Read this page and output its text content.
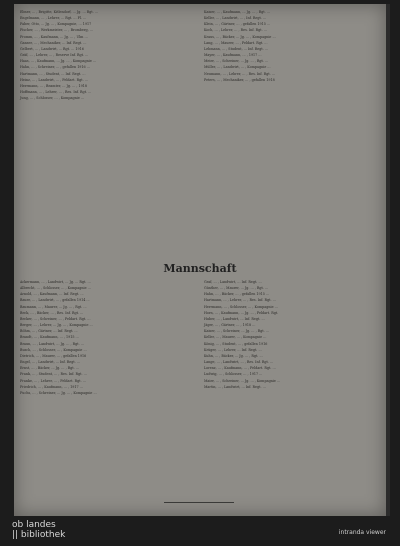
Ebner, ... , Brigitte, Kitlendorf, ... Jg. ... Rgt. ...
Engelmann, ... , Lehrer, ... Rgt. ... Pl. ...
Faber, Otto, ... Jg. ... , Kompagnie, ... 1917
Fischer, ... , Werkmeister, ... , Bromberg, ...
Fromm, ... , Kaufmann, ... Jg. ... , Ulm ...
Ganser, ... , Mechaniker, ... Inf. Regt. ...
Gelbert, ... , Landwirt, ... Rgt. ... 1916
Gräf, ... , Lehrer, ... , Reserve Inf. Rgt. ...
Haas, ... , Kaufmann, ... Jg. ... , Kompagnie ...
Hahn, ... , Schreiner, ... , gefallen 1916 ...
Hartmann, ... , Student, ... Inf. Regt. ...
Heinz, ... , Landwirt, ... , Feldart. Rgt. ...
Herrmann, ... , Beamter, ... Jg. ... , 1918
Hoffmann, ... , Lehrer, ... , Res. Inf. Rgt. ...
Jung, ... , Schlosser, ... , Kompagnie ...
Kaiser, ... , Kaufmann, ... Jg. ... , Rgt. ...
Keller, ... , Landwirt, ... , Inf. Regt. ...
Klein, ... , Gärtner, ... , gefallen 1915 ...
Koch, ... , Lehrer, ... , Res. Inf. Rgt. ...
Kraus, ... , Bäcker, ... Jg. ... , Kompagnie ...
Lang, ... , Maurer, ... , Feldart. Rgt. ...
Lehmann, ... , Student, ... Inf. Regt. ...
Mayer, ... , Kaufmann, ... , 1917 ...
Meier, ... , Schreiner, ... Jg. ... , Rgt. ...
Müller, ... , Landwirt, ... , Kompagnie ...
Neumann, ... , Lehrer, ... , Res. Inf. Rgt. ...
Peters, ... , Mechaniker, ... , gefallen 1918
Mannschaft
Ackermann, ... , Landwirt, ... Jg. ... Rgt. ...
Albrecht, ... , Schlosser, ... , Kompagnie ...
Arnold, ... , Kaufmann, ... Inf. Regt. ...
Bauer, ... , Landwirt, ... , gefallen 1914 ...
Baumann, ... , Maurer, ... Jg. ... , Rgt. ...
Beck, ... , Bäcker, ... , Res. Inf. Rgt. ...
Becker, ... , Schreiner, ... , Feldart. Rgt. ...
Berger, ... , Lehrer, ... Jg. ... , Kompagnie ...
Böhm, ... , Gärtner, ... Inf. Regt. ...
Brandt, ... , Kaufmann, ... , 1915 ...
Braun, ... , Landwirt, ... Jg. ... , Rgt. ...
Busch, ... , Schlosser, ... , Kompagnie ...
Dietrich, ... , Maurer, ... , gefallen 1916
Engel, ... , Landwirt, ... Inf. Regt. ...
Ernst, ... , Bäcker, ... Jg. ... , Rgt. ...
Frank, ... , Student, ... , Res. Inf. Rgt. ...
Franke, ... , Lehrer, ... , Feldart. Rgt. ...
Friedrich, ... , Kaufmann, ... , 1917 ...
Fuchs, ... , Schreiner, ... Jg. ... , Kompagnie ...
Graf, ... , Landwirt, ... Inf. Regt. ...
Günther, ... , Maurer, ... Jg. ... , Rgt. ...
Hahn, ... , Bäcker, ... , gefallen 1915 ...
Hartmann, ... , Lehrer, ... , Res. Inf. Rgt. ...
Herrmann, ... , Schlosser, ... , Kompagnie ...
Horn, ... , Kaufmann, ... Jg. ... , Feldart. Rgt.
Huber, ... , Landwirt, ... Inf. Regt. ...
Jäger, ... , Gärtner, ... , 1918 ...
Kaiser, ... , Schreiner, ... Jg. ... , Rgt. ...
Keller, ... , Maurer, ... , Kompagnie ...
König, ... , Student, ... , gefallen 1916
Krüger, ... , Lehrer, ... Inf. Regt. ...
Kuhn, ... , Bäcker, ... Jg. ... , Rgt. ...
Lange, ... , Landwirt, ... , Res. Inf. Rgt. ...
Lorenz, ... , Kaufmann, ... , Feldart. Rgt. ...
Ludwig, ... , Schlosser, ... , 1917 ...
Maier, ... , Schreiner, ... Jg. ... , Kompagnie ...
Martin, ... , Landwirt, ... Inf. Regt. ...
ob landes
|| bibliothek	intranda viewer
